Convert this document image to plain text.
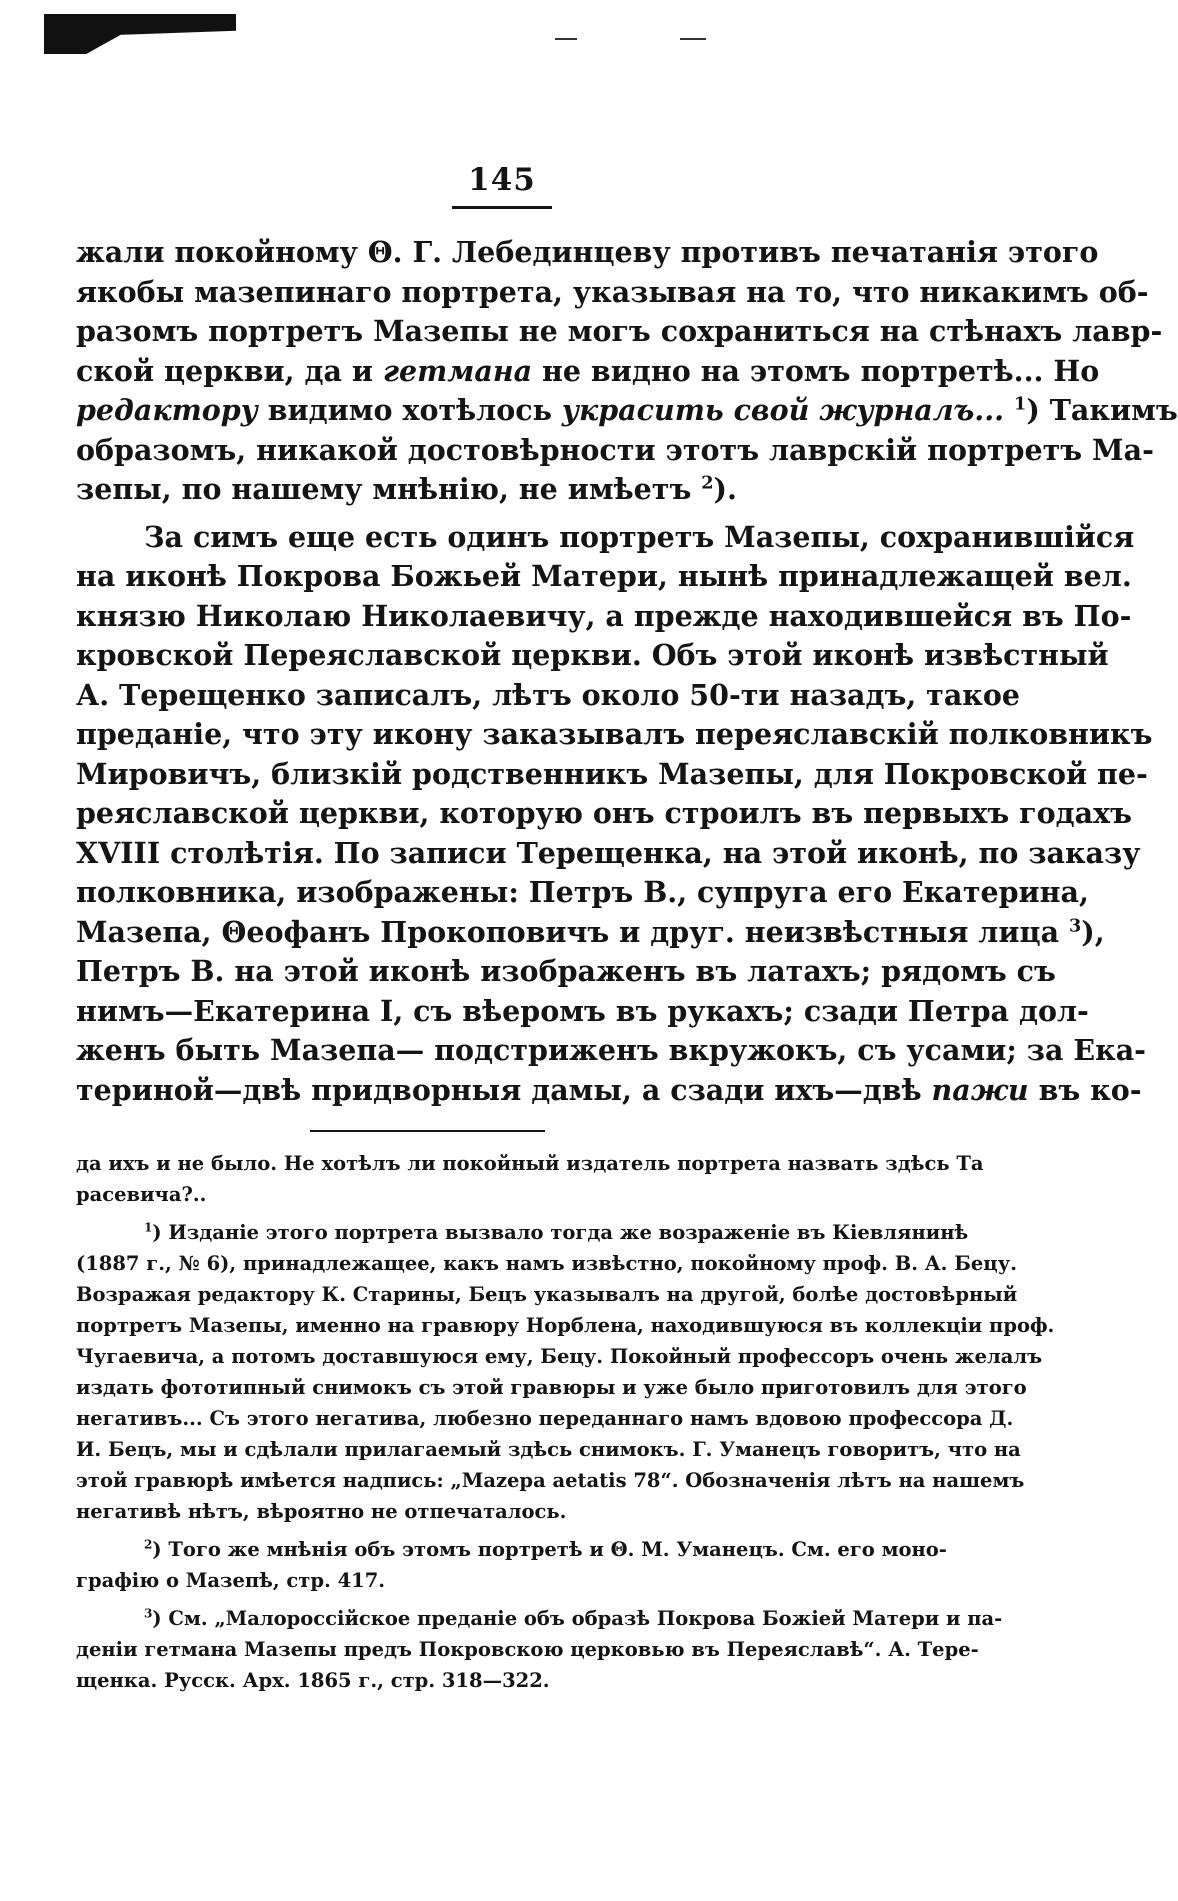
145
жали покойному Θ. Г. Лебединцеву противъ печатанія этого
якобы мазепинаго портрета, указывая на то, что никакимъ об-
разомъ портретъ Мазепы не могъ сохраниться на стѣнахъ лавр-
ской церкви, да и гетмана не видно на этомъ портретѣ... Но
редактору видимо хотѣлось украсить свой журналъ... $^1$) Такимъ
образомъ, никакой достовѣрности этотъ лаврскій портретъ Ма-
зепы, по нашему мнѣнію, не имѣетъ $^2$).
За симъ еще есть одинъ портретъ Мазепы, сохранившійся
на иконѣ Покрова Божьей Матери, нынѣ принадлежащей вел.
князю Николаю Николаевичу, а прежде находившейся въ По-
кровской Переяславской церкви. Объ этой иконѣ извѣстный
А. Терещенко записалъ, лѣтъ около 50-ти назадъ, такое
преданіе, что эту икону заказывалъ переяславскій полковникъ
Мировичъ, близкій родственникъ Мазепы, для Покровской пе-
реяславской церкви, которую онъ строилъ въ первыхъ годахъ
XVIII столѣтія. По записи Терещенка, на этой иконѣ, по заказу
полковника, изображены: Петръ В., супруга его Екатерина,
Мазепа, Θеофанъ Прокоповичъ и друг. неизвѣстныя лица $^3$),
Петръ В. на этой иконѣ изображенъ въ латахъ; рядомъ съ
нимъ—Екатерина I, съ вѣеромъ въ рукахъ; сзади Петра дол-
женъ быть Мазепа— подстриженъ вкружокъ, съ усами; за Ека-
териной—двѣ придворныя дамы, а сзади ихъ—двѣ пажи въ ко-
да ихъ и не было. Не хотѣлъ ли покойный издатель портрета назвать здѣсь Та
расевича?..
$^1$) Изданіе этого портрета вызвало тогда же возраженіе въ Кіевлянинѣ
(1887 г., № 6), принадлежащее, какъ намъ извѣстно, покойному проф. В. А. Бецу.
Возражая редактору К. Старины, Бецъ указывалъ на другой, болѣе достовѣрный
портретъ Мазепы, именно на гравюру Норблена, находившуюся въ коллекціи проф.
Чугаевича, а потомъ доставшуюся ему, Бецу. Покойный профессоръ очень желалъ
издать фототипный снимокъ съ этой гравюры и уже было приготовилъ для этого
негативъ... Съ этого негатива, любезно переданнаго намъ вдовою профессора Д.
И. Бецъ, мы и сдѣлали прилагаемый здѣсь снимокъ. Г. Уманецъ говоритъ, что на
этой гравюрѣ имѣется надпись: „Mazepa aetatis 78“. Обозначенія лѣтъ на нашемъ
негативѣ нѣтъ, вѣроятно не отпечаталось.
$^2$) Того же мнѣнія объ этомъ портретѣ и Θ. М. Уманецъ. См. его моно-
графію о Мазепѣ, стр. 417.
$^3$) См. „Малороссійское преданіе объ образѣ Покрова Божіей Матери и па-
деніи гетмана Мазепы предъ Покровскою церковью въ Переяславѣ“. А. Тере-
щенка. Русск. Арх. 1865 г., стр. 318—322.
